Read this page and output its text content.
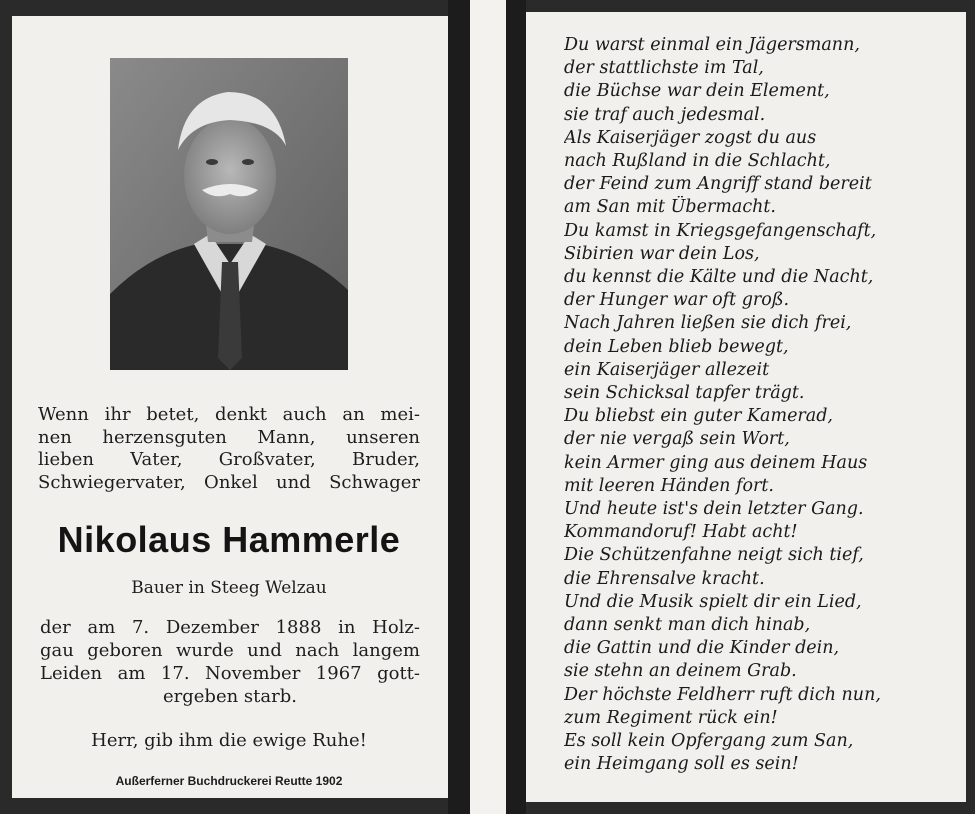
Wenn ihr betet, denkt auch an mei-
nen herzensguten Mann, unseren
lieben Vater, Großvater, Bruder,
Schwiegervater, Onkel und Schwager
Nikolaus Hammerle
Bauer in Steeg Welzau
der am 7. Dezember 1888 in Holz-
gau geboren wurde und nach langem
Leiden am 17. November 1967 gott-
ergeben starb.
Herr, gib ihm die ewige Ruhe!
Außerferner Buchdruckerei Reutte 1902
Du warst einmal ein Jägersmann,
der stattlichste im Tal,
die Büchse war dein Element,
sie traf auch jedesmal.
Als Kaiserjäger zogst du aus
nach Rußland in die Schlacht,
der Feind zum Angriff stand bereit
am San mit Übermacht.
Du kamst in Kriegsgefangenschaft,
Sibirien war dein Los,
du kennst die Kälte und die Nacht,
der Hunger war oft groß.
Nach Jahren ließen sie dich frei,
dein Leben blieb bewegt,
ein Kaiserjäger allezeit
sein Schicksal tapfer trägt.
Du bliebst ein guter Kamerad,
der nie vergaß sein Wort,
kein Armer ging aus deinem Haus
mit leeren Händen fort.
Und heute ist's dein letzter Gang.
Kommandoruf! Habt acht!
Die Schützenfahne neigt sich tief,
die Ehrensalve kracht.
Und die Musik spielt dir ein Lied,
dann senkt man dich hinab,
die Gattin und die Kinder dein,
sie stehn an deinem Grab.
Der höchste Feldherr ruft dich nun,
zum Regiment rück ein!
Es soll kein Opfergang zum San,
ein Heimgang soll es sein!
